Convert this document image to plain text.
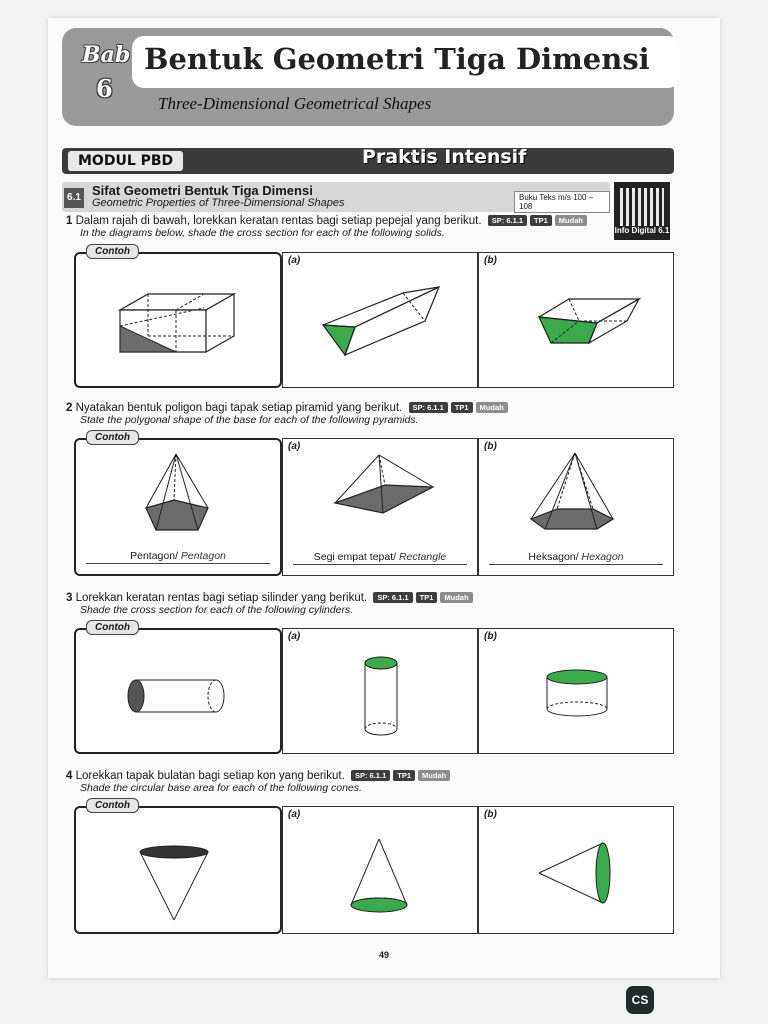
Bab
6
Bentuk Geometri Tiga Dimensi
Three-Dimensional Geometrical Shapes
MODUL PBD	Praktis Intensif
6.1 Sifat Geometri Bentuk Tiga Dimensi
Geometric Properties of Three-Dimensional Shapes	Buku Teks m/s 100 – 108
Info Digital 6.1
1 Dalam rajah di bawah, lorekkan keratan rentas bagi setiap pepejal yang berikut. SP: 6.1.1 TP1 Mudah
In the diagrams below, shade the cross section for each of the following solids.
Contoh
(a)	(b)
2 Nyatakan bentuk poligon bagi tapak setiap piramid yang berikut. SP: 6.1.1 TP1 Mudah
State the polygonal shape of the base for each of the following pyramids.
Contoh
Pentagon/ Pentagon
(a)
Segi empat tepat/ Rectangle
(b)
Heksagon/ Hexagon
3 Lorekkan keratan rentas bagi setiap silinder yang berikut. SP: 6.1.1 TP1 Mudah
Shade the cross section for each of the following cylinders.
Contoh
(a)	(b)
4 Lorekkan tapak bulatan bagi setiap kon yang berikut. SP: 6.1.1 TP1 Mudah
Shade the circular base area for each of the following cones.
Contoh
(a)	(b)
49
CS
